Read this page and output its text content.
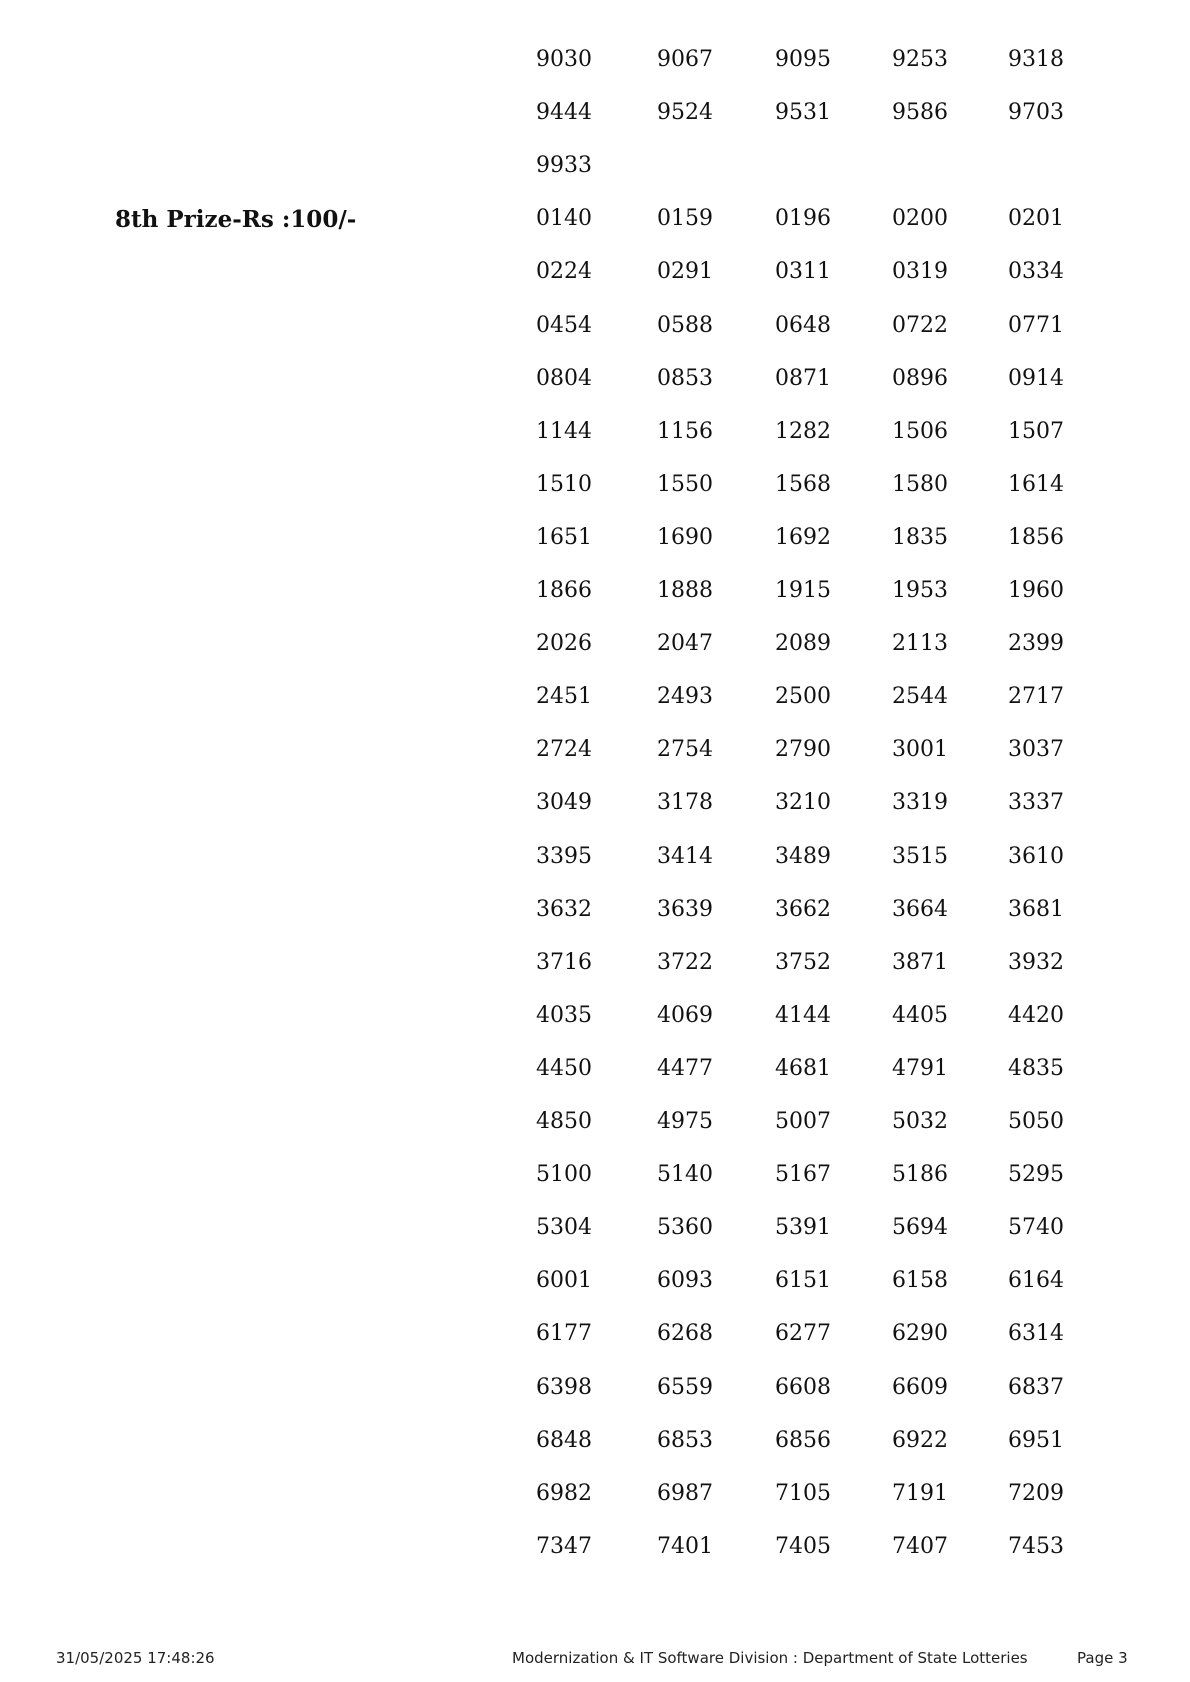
8th Prize-Rs :100/-
9030	9067	9095	9253	9318
9444	9524	9531	9586	9703
9933
0140	0159	0196	0200	0201
0224	0291	0311	0319	0334
0454	0588	0648	0722	0771
0804	0853	0871	0896	0914
1144	1156	1282	1506	1507
1510	1550	1568	1580	1614
1651	1690	1692	1835	1856
1866	1888	1915	1953	1960
2026	2047	2089	2113	2399
2451	2493	2500	2544	2717
2724	2754	2790	3001	3037
3049	3178	3210	3319	3337
3395	3414	3489	3515	3610
3632	3639	3662	3664	3681
3716	3722	3752	3871	3932
4035	4069	4144	4405	4420
4450	4477	4681	4791	4835
4850	4975	5007	5032	5050
5100	5140	5167	5186	5295
5304	5360	5391	5694	5740
6001	6093	6151	6158	6164
6177	6268	6277	6290	6314
6398	6559	6608	6609	6837
6848	6853	6856	6922	6951
6982	6987	7105	7191	7209
7347	7401	7405	7407	7453
31/05/2025 17:48:26	Modernization & IT Software Division : Department of State Lotteries	Page 3
